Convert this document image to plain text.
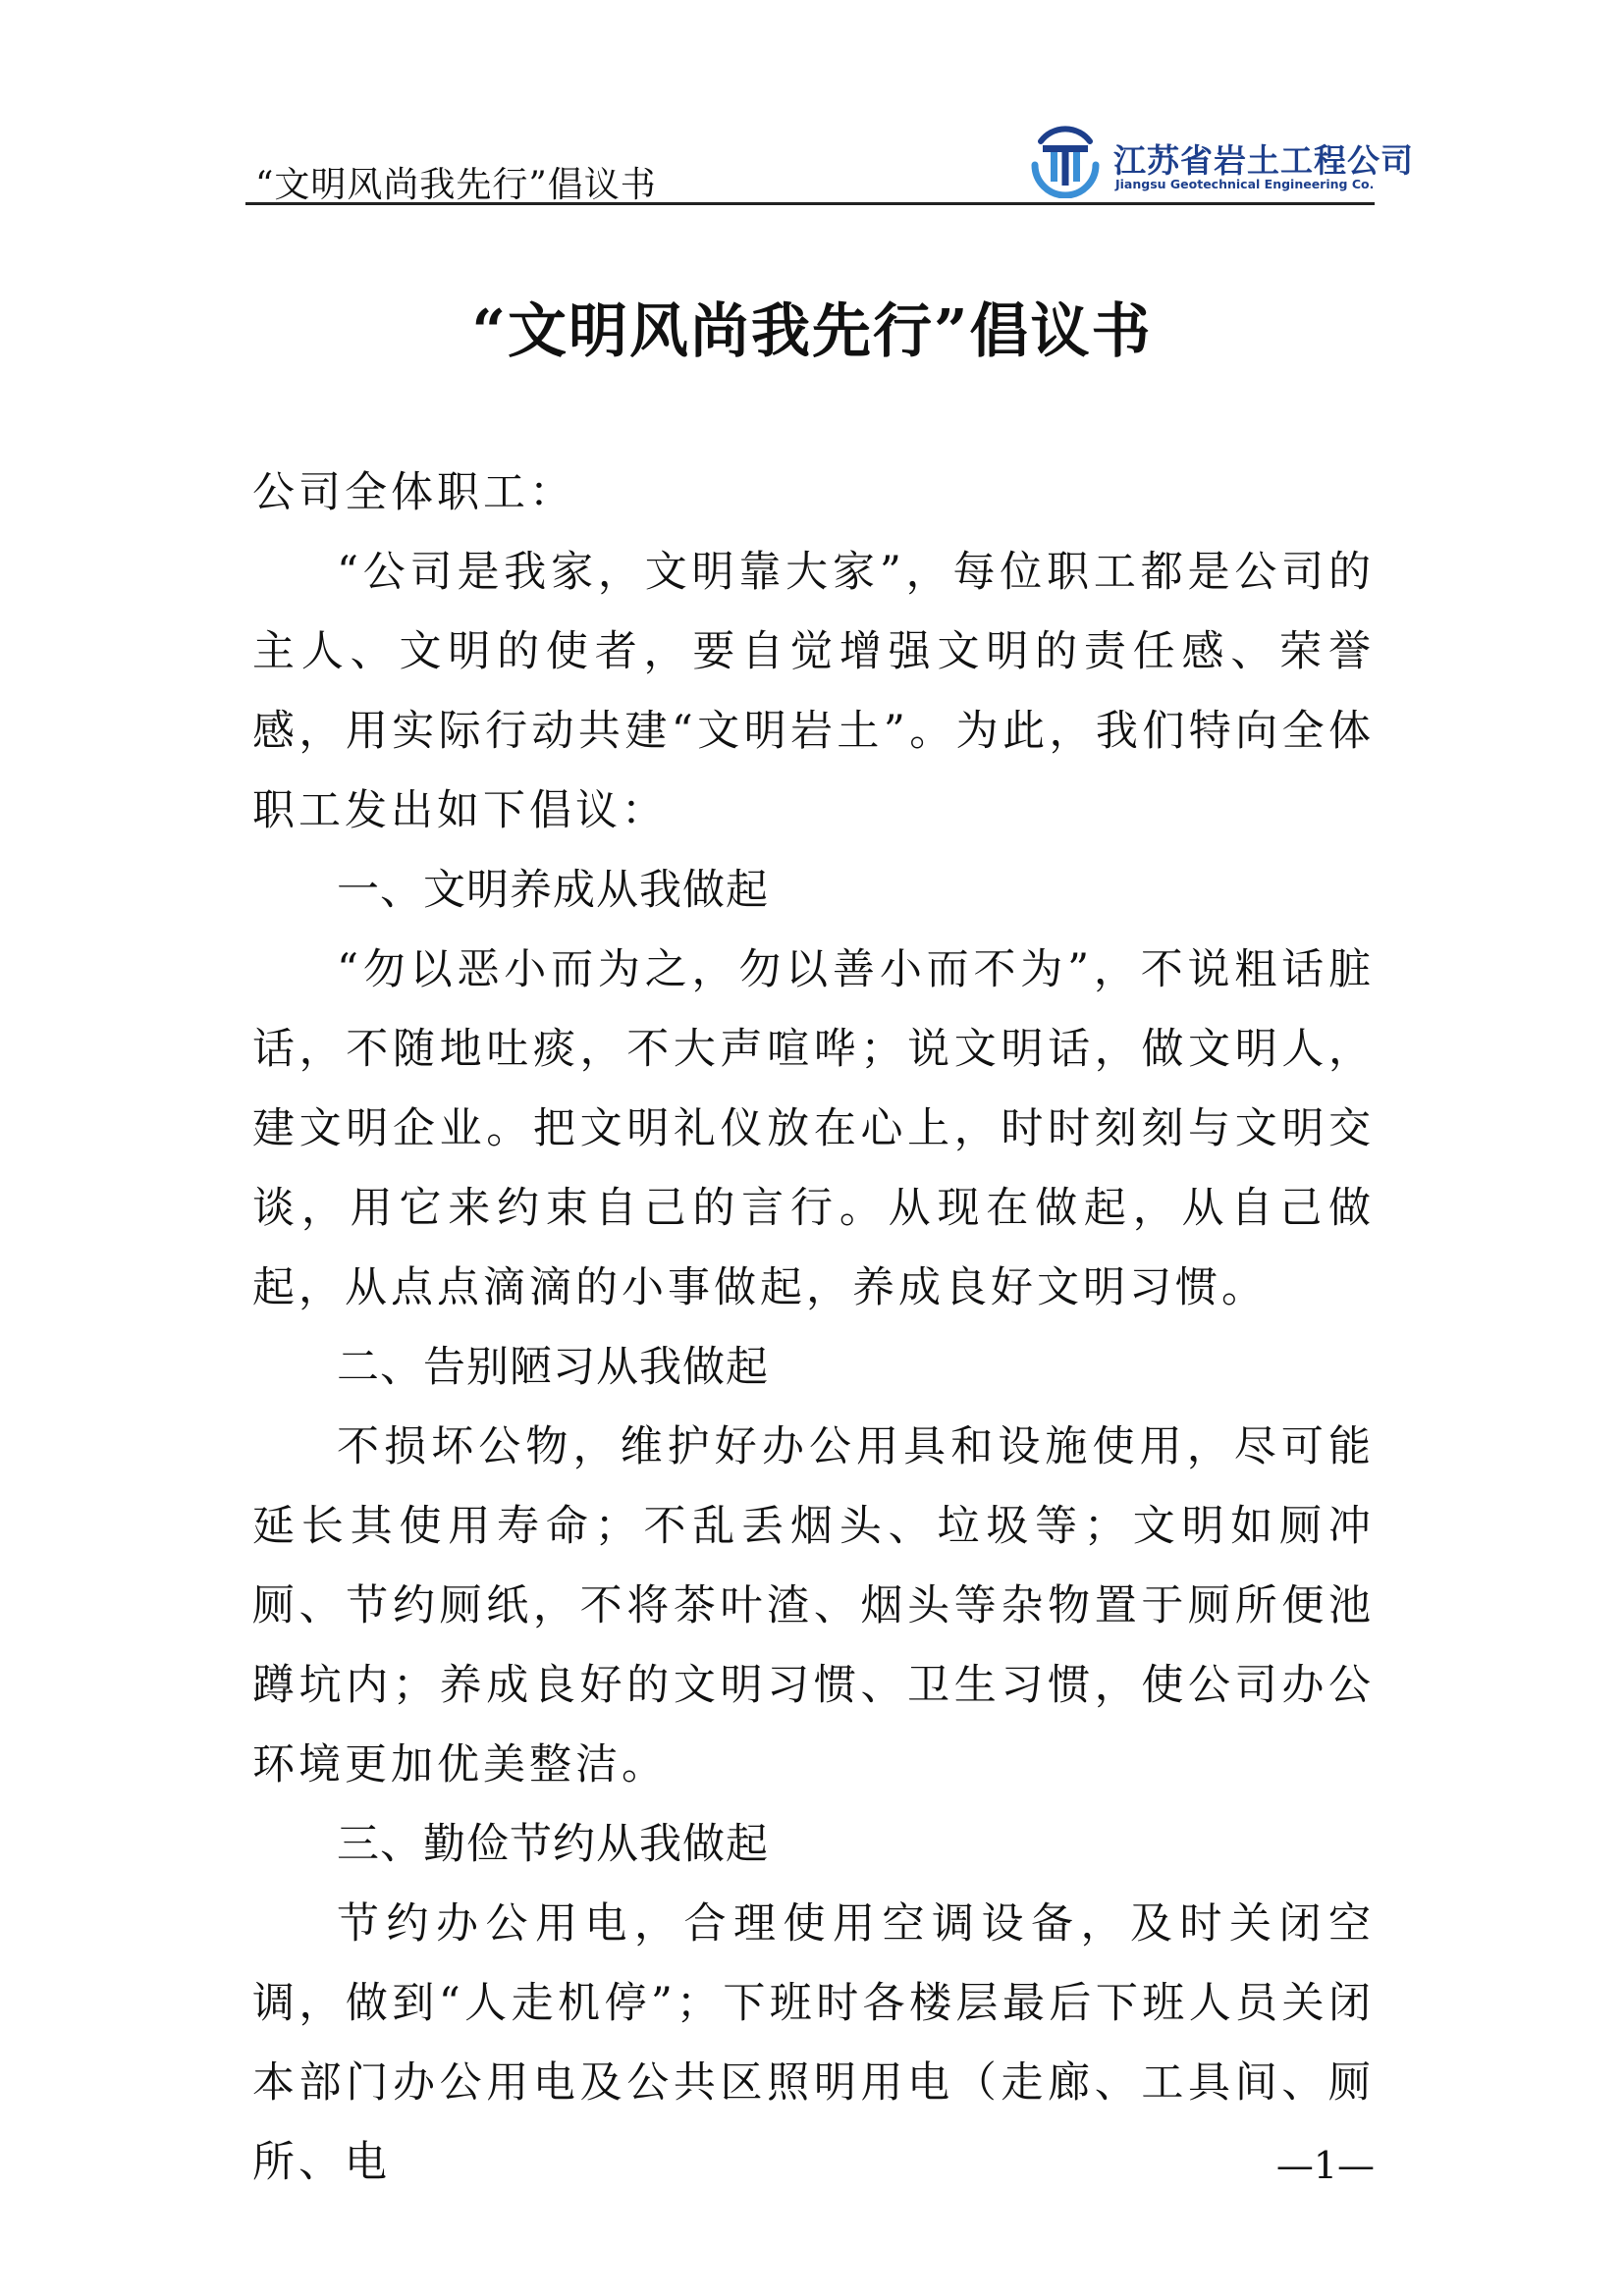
“文明风尚我先行”倡议书
江苏省岩土工程公司
Jiangsu Geotechnical Engineering Co.
“文明风尚我先行”倡议书

公司全体职工：

“公司是我家，文明靠大家”，每位职工都是公司的主人、文明的使者，要自觉增强文明的责任感、荣誉感，用实际行动共建“文明岩土”。为此，我们特向全体职工发出如下倡议：

一、文明养成从我做起

“勿以恶小而为之，勿以善小而不为”，不说粗话脏话，不随地吐痰，不大声喧哗；说文明话，做文明人，建文明企业。把文明礼仪放在心上，时时刻刻与文明交谈，用它来约束自己的言行。从现在做起，从自己做起，从点点滴滴的小事做起，养成良好文明习惯。

二、告别陋习从我做起

不损坏公物，维护好办公用具和设施使用，尽可能延长其使用寿命；不乱丢烟头、垃圾等；文明如厕冲厕、节约厕纸，不将茶叶渣、烟头等杂物置于厕所便池蹲坑内；养成良好的文明习惯、卫生习惯，使公司办公环境更加优美整洁。

三、勤俭节约从我做起

节约办公用电，合理使用空调设备，及时关闭空调，做到“人走机停”；下班时各楼层最后下班人员关闭本部门办公用电及公共区照明用电（走廊、工具间、厕所、电	—1—
